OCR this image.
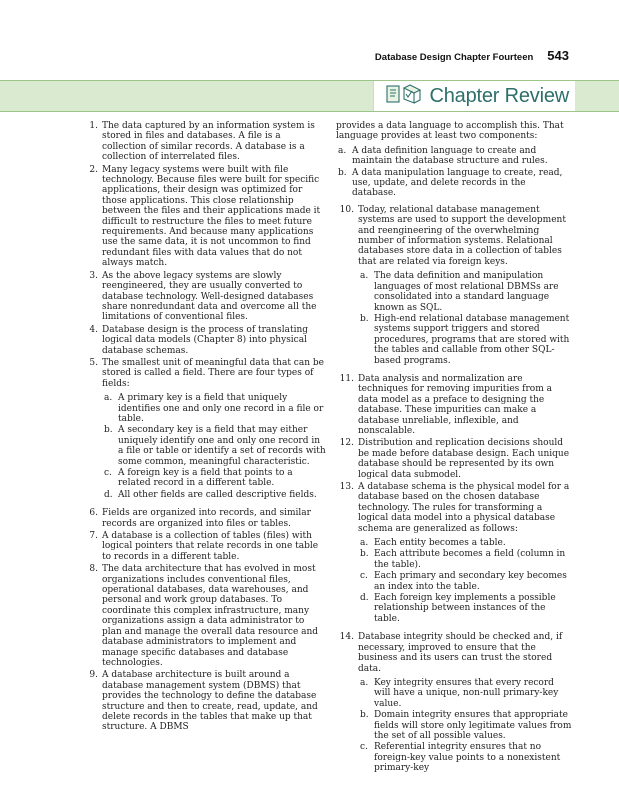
Database Design Chapter Fourteen 543
Chapter Review
1. The data captured by an information system is stored in files and databases. A file is a collection of similar records. A database is a collection of interrelated files.
2. Many legacy systems were built with file technology. Because files were built for specific applications, their design was optimized for those applications. This close relationship between the files and their applications made it difficult to restructure the files to meet future requirements. And because many applications use the same data, it is not uncommon to find redundant files with data values that do not always match.
3. As the above legacy systems are slowly reengineered, they are usually converted to database technology. Well-designed databases share nonredundant data and overcome all the limitations of conventional files.
4. Database design is the process of translating logical data models (Chapter 8) into physical database schemas.
5. The smallest unit of meaningful data that can be stored is called a field. There are four types of fields:
a. A primary key is a field that uniquely identifies one and only one record in a file or table.
b. A secondary key is a field that may either uniquely identify one and only one record in a file or table or identify a set of records with some common, meaningful characteristic.
c. A foreign key is a field that points to a related record in a different table.
d. All other fields are called descriptive fields.
6. Fields are organized into records, and similar records are organized into files or tables.
7. A database is a collection of tables (files) with logical pointers that relate records in one table to records in a different table.
8. The data architecture that has evolved in most organizations includes conventional files, operational databases, data warehouses, and personal and work group databases. To coordinate this complex infrastructure, many organizations assign a data administrator to plan and manage the overall data resource and database administrators to implement and manage specific databases and database technologies.
9. A database architecture is built around a database management system (DBMS) that provides the technology to define the database structure and then to create, read, update, and delete records in the tables that make up that structure. A DBMS

provides a data language to accomplish this. That language provides at least two components:

a. A data definition language to create and maintain the database structure and rules.
b. A data manipulation language to create, read, use, update, and delete records in the database.
10. Today, relational database management systems are used to support the development and reengineering of the overwhelming number of information systems. Relational databases store data in a collection of tables that are related via foreign keys.
a. The data definition and manipulation languages of most relational DBMSs are consolidated into a standard language known as SQL.
b. High-end relational database management systems support triggers and stored procedures, programs that are stored with the tables and callable from other SQL-based programs.
11. Data analysis and normalization are techniques for removing impurities from a data model as a preface to designing the database. These impurities can make a database unreliable, inflexible, and nonscalable.
12. Distribution and replication decisions should be made before database design. Each unique database should be represented by its own logical data submodel.
13. A database schema is the physical model for a database based on the chosen database technology. The rules for transforming a logical data model into a physical database schema are generalized as follows:
a. Each entity becomes a table.
b. Each attribute becomes a field (column in the table).
c. Each primary and secondary key becomes an index into the table.
d. Each foreign key implements a possible relationship between instances of the table.
14. Database integrity should be checked and, if necessary, improved to ensure that the business and its users can trust the stored data.
a. Key integrity ensures that every record will have a unique, non-null primary-key value.
b. Domain integrity ensures that appropriate fields will store only legitimate values from the set of all possible values.
c. Referential integrity ensures that no foreign-key value points to a nonexistent primary-key
